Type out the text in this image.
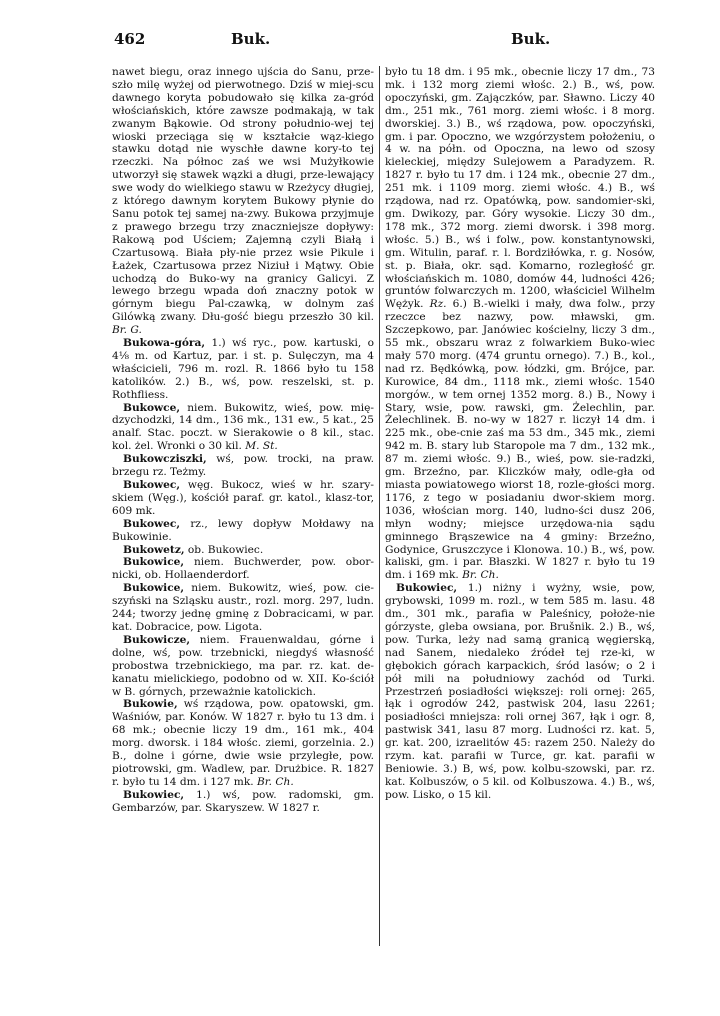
462	Buk.	Buk.

nawet biegu, oraz innego ujścia do Sanu, prze-szło milę wyżej od pierwotnego. Dziś w miej-scu dawnego koryta pobudowało się kilka za-gród włościańskich, które zawsze podmakają, w tak zwanym Bąkowie. Od strony południo-wej tej wioski przeciąga się w kształcie wąz-kiego stawku dotąd nie wyschłe dawne kory-to tej rzeczki. Na północ zaś we wsi Mużyłkowie utworzył się stawek wązki a długi, prze-lewający swe wody do wielkiego stawu w Rzeżycy długiej, z którego dawnym korytem Bukowy płynie do Sanu potok tej samej na-zwy. Bukowa przyjmuje z prawego brzegu trzy znaczniejsze dopływy: Rakową pod Uściem; Zajemną czyli Białą i Czartusową. Biała pły-nie przez wsie Pikule i Łażek, Czartusowa przez Niziuł i Mątwy. Obie uchodzą do Buko-wy na granicy Galicyi. Z lewego brzegu wpada doń znaczny potok w górnym biegu Pal-czawką, w dolnym zaś Gilówką zwany. Dłu-gość biegu przeszło 30 kil. Br. G.

Bukowa-góra, 1.) wś ryc., pow. kartuski, o 4⅛ m. od Kartuz, par. i st. p. Sulęczyn, ma 4 właścicieli, 796 m. rozl. R. 1866 było tu 158 katolików. 2.) B., wś, pow. reszelski, st. p. Rothfliess.

Bukowce, niem. Bukowitz, wieś, pow. mię-dzychodzki, 14 dm., 136 mk., 131 ew., 5 kat., 25 analf. Stac. poczt. w Sierakowie o 8 kil., stac. kol. żel. Wronki o 30 kil. M. St.

Bukowcziszki, wś, pow. trocki, na praw. brzegu rz. Teżmy.

Bukowec, węg. Bukocz, wieś w hr. szary-skiem (Węg.), kościół paraf. gr. katol., klasz-tor, 609 mk.

Bukowec, rz., lewy dopływ Mołdawy na Bukowinie.

Bukowetz, ob. Bukowiec.

Bukowice, niem. Buchwerder, pow. obor-nicki, ob. Hollaenderdorf.

Bukowice, niem. Bukowitz, wieś, pow. cie-szyński na Szląsku austr., rozl. morg. 297, ludn. 244; tworzy jednę gminę z Dobracicami, w par. kat. Dobracice, pow. Ligota.

Bukowicze, niem. Frauenwaldau, górne i dolne, wś, pow. trzebnicki, niegdyś własność probostwa trzebnickiego, ma par. rz. kat. de-kanatu mielickiego, podobno od w. XII. Ko-ściół w B. górnych, przeważnie katolickich.

Bukowie, wś rządowa, pow. opatowski, gm. Waśniów, par. Konów. W 1827 r. było tu 13 dm. i 68 mk.; obecnie liczy 19 dm., 161 mk., 404 morg. dworsk. i 184 włośc. ziemi, gorzelnia. 2.) B., dolne i górne, dwie wsie przyległe, pow. piotrowski, gm. Wadlew, par. Drużbice. R. 1827 r. było tu 14 dm. i 127 mk. Br. Ch.

Bukowiec, 1.) wś, pow. radomski, gm. Gembarzów, par. Skaryszew. W 1827 r.

było tu 18 dm. i 95 mk., obecnie liczy 17 dm., 73 mk. i 132 morg ziemi włośc. 2.) B., wś, pow. opoczyński, gm. Zajączków, par. Sławno. Liczy 40 dm., 251 mk., 761 morg. ziemi włośc. i 8 morg. dworskiej. 3.) B., wś rządowa, pow. opoczyński, gm. i par. Opoczno, we wzgórzystem położeniu, o 4 w. na półn. od Opoczna, na lewo od szosy kieleckiej, między Sulejowem a Paradyzem. R. 1827 r. było tu 17 dm. i 124 mk., obecnie 27 dm., 251 mk. i 1109 morg. ziemi włośc. 4.) B., wś rządowa, nad rz. Opatówką, pow. sandomier-ski, gm. Dwikozy, par. Góry wysokie. Liczy 30 dm., 178 mk., 372 morg. ziemi dworsk. i 398 morg. włośc. 5.) B., wś i folw., pow. konstantynowski, gm. Witulin, paraf. r. l. Bordziłówka, r. g. Nosów, st. p. Biała, okr. sąd. Komarno, rozległość gr. włościańskich m. 1080, domów 44, ludności 426; gruntów folwarczych m. 1200, właściciel Wilhelm Wężyk. Rz. 6.) B.-wielki i mały, dwa folw., przy rzeczce bez nazwy, pow. mławski, gm. Szczepkowo, par. Janówiec kościelny, liczy 3 dm., 55 mk., obszaru wraz z folwarkiem Buko-wiec mały 570 morg. (474 gruntu ornego). 7.) B., kol., nad rz. Będkówką, pow. łódzki, gm. Brójce, par. Kurowice, 84 dm., 1118 mk., ziemi włośc. 1540 morgów., w tem ornej 1352 morg. 8.) B., Nowy i Stary, wsie, pow. rawski, gm. Żelechlin, par. Żelechlinek. B. no-wy w 1827 r. liczył 14 dm. i 225 mk., obe-cnie zaś ma 53 dm., 345 mk., ziemi 942 m. B. stary lub Staropole ma 7 dm., 132 mk., 87 m. ziemi włośc. 9.) B., wieś, pow. sie-radzki, gm. Brzeźno, par. Kliczków mały, odle-gła od miasta powiatowego wiorst 18, rozle-głości morg. 1176, z tego w posiadaniu dwor-skiem morg. 1036, włościan morg. 140, ludno-ści dusz 206, młyn wodny; miejsce urzędowa-nia sądu gminnego Brąszewice na 4 gminy: Brzeźno, Godynice, Gruszczyce i Klonowa. 10.) B., wś, pow. kaliski, gm. i par. Błaszki. W 1827 r. było tu 19 dm. i 169 mk. Br. Ch.

Bukowiec, 1.) niżny i wyżny, wsie, pow, grybowski, 1099 m. rozl., w tem 585 m. lasu. 48 dm., 301 mk., parafia w Paleśnicy, położe-nie górzyste, gleba owsiana, por. Brušnik. 2.) B., wś, pow. Turka, leży nad samą granicą węgierską, nad Sanem, niedaleko źródeł tej rze-ki, w głębokich górach karpackich, śród lasów; o 2 i pół mili na południowy zachód od Turki. Przestrzeń posiadłości większej: roli ornej: 265, łąk i ogrodów 242, pastwisk 204, lasu 2261; posiadłości mniejsza: roli ornej 367, łąk i ogr. 8, pastwisk 341, lasu 87 morg. Ludności rz. kat. 5, gr. kat. 200, izraelitów 45: razem 250. Należy do rzym. kat. parafii w Turce, gr. kat. parafii w Beniowie. 3.) B, wś, pow. kolbu-szowski, par. rz. kat. Kolbuszów, o 5 kil. od Kolbuszowa. 4.) B., wś, pow. Lisko, o 15 kil.
